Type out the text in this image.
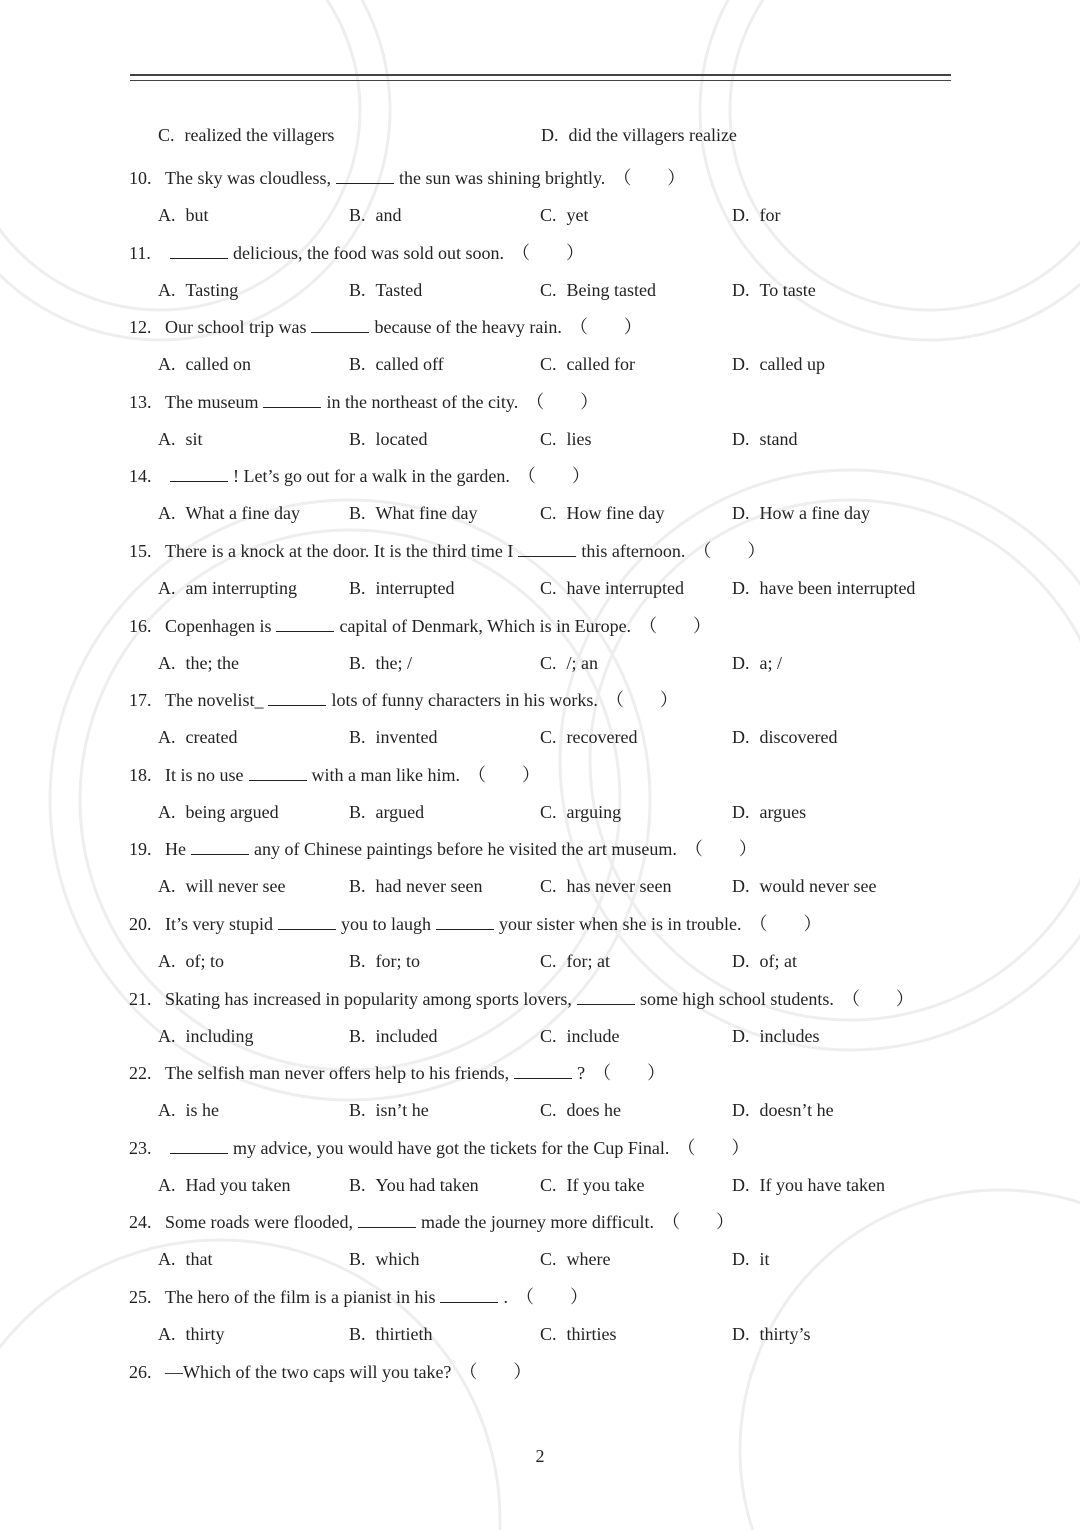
C. realized the villagers	D. did the villagers realize
10. The sky was cloudless,	the sun was shining brightly. （　　）
A. but	B. and	C. yet	D. for
11.	delicious, the food was sold out soon. （　　）
A. Tasting	B. Tasted	C. Being tasted	D. To taste
12. Our school trip was	because of the heavy rain. （　　）
A. called on	B. called off	C. called for	D. called up
13. The museum	in the northeast of the city. （　　）
A. sit	B. located	C. lies	D. stand
14.	! Let’s go out for a walk in the garden. （　　）
A. What a fine day	B. What fine day	C. How fine day	D. How a fine day
15. There is a knock at the door. It is the third time I	this afternoon. （　　）
A. am interrupting	B. interrupted	C. have interrupted	D. have been interrupted
16. Copenhagen is	capital of Denmark, Which is in Europe. （　　）
A. the; the	B. the; /	C. /; an	D. a; /
17. The novelist_	lots of funny characters in his works. （　　）
A. created	B. invented	C. recovered	D. discovered
18. It is no use	with a man like him. （　　）
A. being argued	B. argued	C. arguing	D. argues
19. He	any of Chinese paintings before he visited the art museum. （　　）
A. will never see	B. had never seen	C. has never seen	D. would never see
20. It’s very stupid	you to laugh	your sister when she is in trouble. （　　）
A. of; to	B. for; to	C. for; at	D. of; at
21. Skating has increased in popularity among sports lovers,	some high school students. （　　）
A. including	B. included	C. include	D. includes
22. The selfish man never offers help to his friends,	? （　　）
A. is he	B. isn’t he	C. does he	D. doesn’t he
23.	my advice, you would have got the tickets for the Cup Final. （　　）
A. Had you taken	B. You had taken	C. If you take	D. If you have taken
24. Some roads were flooded,	made the journey more difficult. （　　）
A. that	B. which	C. where	D. it
25. The hero of the film is a pianist in his	. （　　）
A. thirty	B. thirtieth	C. thirties	D. thirty’s
26. —Which of the two caps will you take? （　　）
2
